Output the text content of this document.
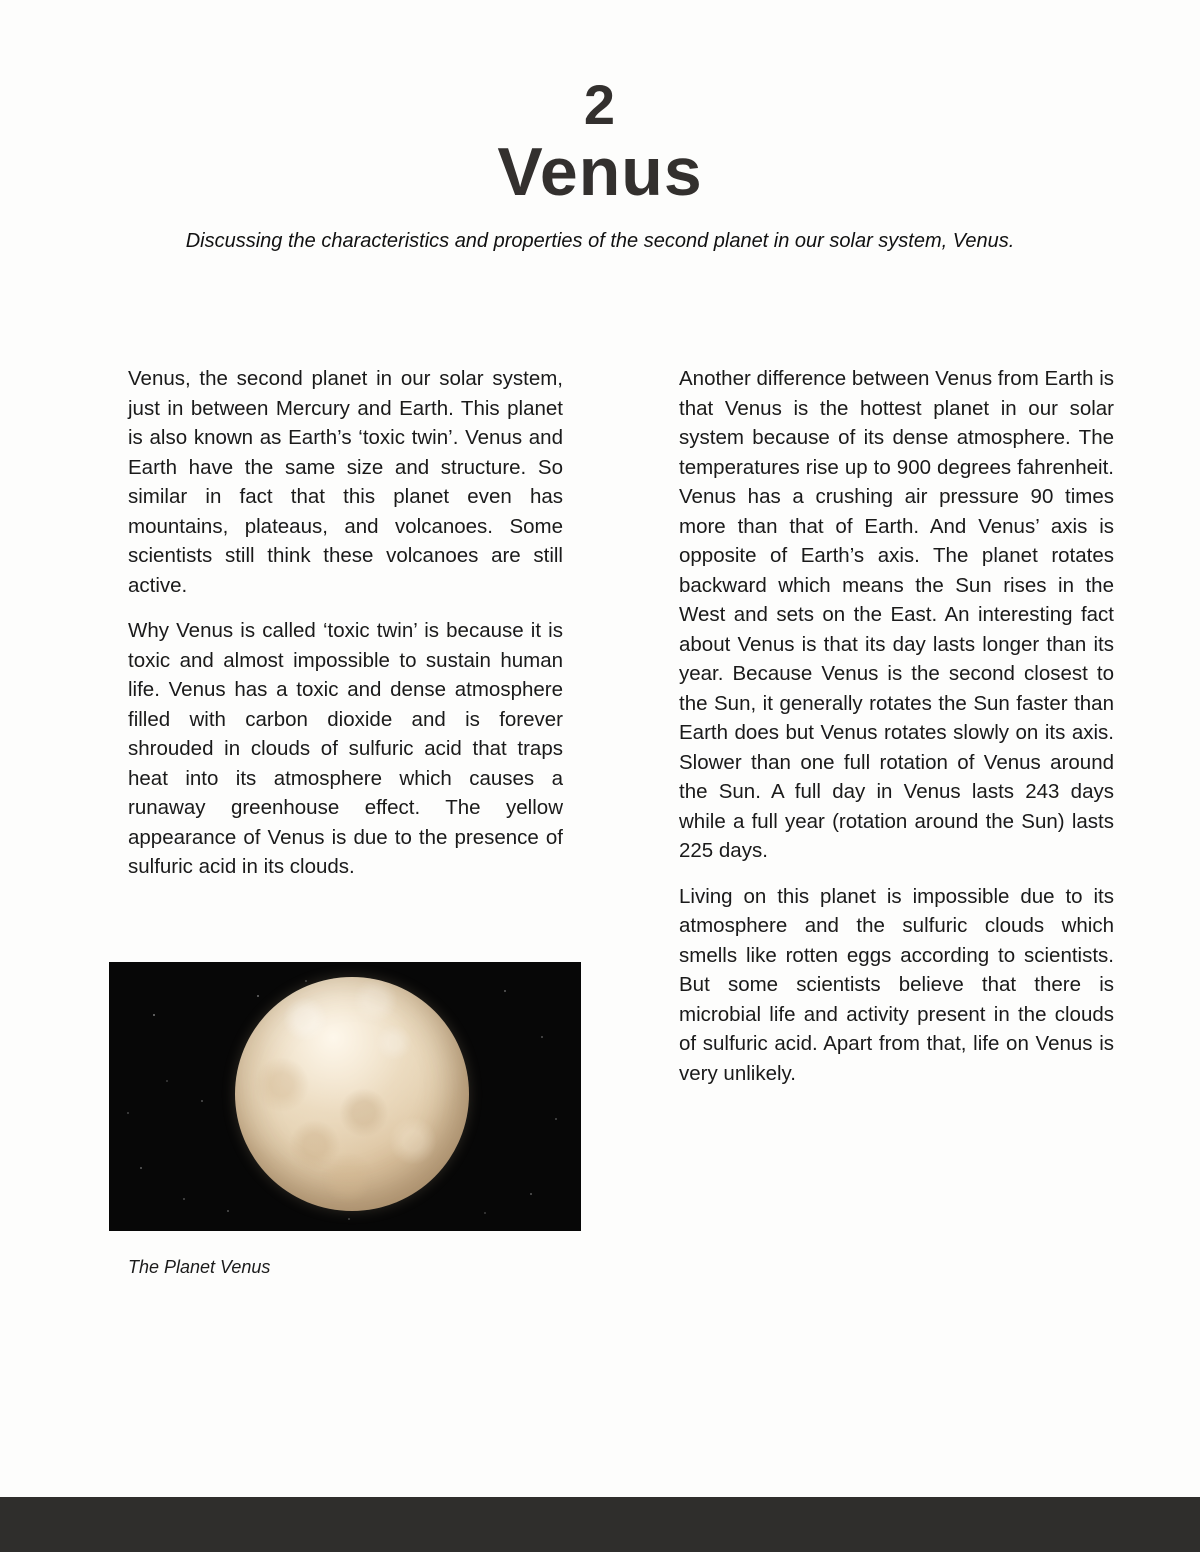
2
Venus

Discussing the characteristics and properties of the second planet in our solar system, Venus.

Venus, the second planet in our solar system, just in between Mercury and Earth. This planet is also known as Earth’s ‘toxic twin’. Venus and Earth have the same size and structure. So similar in fact that this planet even has mountains, plateaus, and volcanoes. Some scientists still think these volcanoes are still active.

Why Venus is called ‘toxic twin’ is because it is toxic and almost impossible to sustain human life. Venus has a toxic and dense atmosphere filled with carbon dioxide and is forever shrouded in clouds of sulfuric acid that traps heat into its atmosphere which causes a runaway greenhouse effect. The yellow appearance of Venus is due to the presence of sulfuric acid in its clouds.

The Planet Venus

Another difference between Venus from Earth is that Venus is the hottest planet in our solar system because of its dense atmosphere. The temperatures rise up to 900 degrees fahrenheit. Venus has a crushing air pressure 90 times more than that of Earth. And Venus’ axis is opposite of Earth’s axis. The planet rotates backward which means the Sun rises in the West and sets on the East. An interesting fact about Venus is that its day lasts longer than its year. Because Venus is the second closest to the Sun, it generally rotates the Sun faster than Earth does but Venus rotates slowly on its axis. Slower than one full rotation of Venus around the Sun. A full day in Venus lasts 243 days while a full year (rotation around the Sun) lasts 225 days.

Living on this planet is impossible due to its atmosphere and the sulfuric clouds which smells like rotten eggs according to scientists. But some scientists believe that there is microbial life and activity present in the clouds of sulfuric acid. Apart from that, life on Venus is very unlikely.
